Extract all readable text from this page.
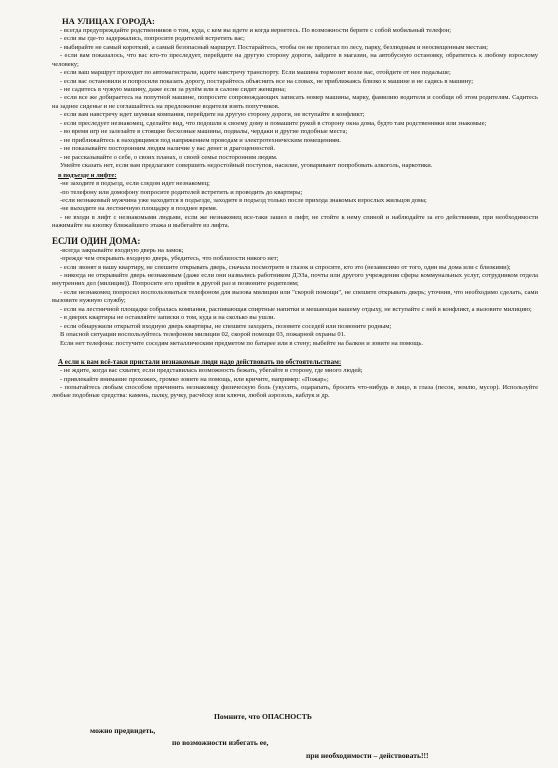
НА УЛИЦАХ ГОРОДА:

- всегда предупреждайте родственников о том, куда, с кем вы идете и когда вернетесь. По возможности берите с собой мобильный телефон;

- если вы где-то задержались, попросите родителей встретить вас;

- выбирайте не самый короткий, а самый безопасный маршрут. Постарайтесь, чтобы он не пролегал по лесу, парку, безлюдным и неосвещенным местам;

- если вам показалось, что вас кто-то преследует, перейдите на другую сторону дороги, зайдите в магазин, на автобусную остановку, обратитесь к любому взрослому человеку;

- если ваш маршрут проходит по автомагистрали, идите навстречу транспорту. Если машина тормозит возле вас, отойдите от нее подальше;

- если вас остановили и попросили показать дорогу, постарайтесь объяснить все на словах, не приближаясь близко к машине и не садясь в машину;

- не садитесь в чужую машину, даже если за рулём или в салоне сидит женщина;

- если все же добираетесь на попутной машине, попросите сопровождающих записать номер машины, марку, фамилию водителя и сообщи об этом родителям. Садитесь на заднее сиденье и не соглашайтесь на предложение водителя взять попутчиков.

- если вам навстречу идет шумная компания, перейдите на другую сторону дороги, не вступайте в конфликт;

- если преследует незнакомец, сделайте вид, что подошли к своему дому и помашите рукой в сторону окна дома, будто там родственники или знакомые;

- во время игр не залезайте в стоящие бесхозные машины, подвалы, чердаки и другие подобные места;

- не приближайтесь к находящимся под напряжением проводам и электротехническим помещениям.

- не показывайте посторонним людям наличие у вас денег и драгоценностей.

- не рассказывайте о себе, о своих планах, о своей семье посторонним людям.

Умейте сказать нет, если вам предлагают совершить недостойный поступок, насилие, уговаривают попробовать алкоголь, наркотики.

в подъезде и лифте:

-не заходите в подъезд, если следом идет незнакомец;

-по телефону или домофону попросите родителей встретить и проводить до квартиры;

-если незнакомый мужчина уже находится в подъезде, заходите в подъезд только после прихода знакомых взрослых жильцов дома;

-не выходите на лестничную площадку в позднее время.

- не входи в лифт с незнакомыми людьми, если же незнакомец все-таки зашел в лифт, не стойте к нему спиной и наблюдайте за его действиями, при необходимости нажимайте на кнопку ближайшего этажа и выбегайте из лифта.

ЕСЛИ ОДИН ДОМА:

-всегда закрывайте входную дверь на замок;

-прежде чем открывать входную дверь, убедитесь, что поблизости никого нет;

- если звонят в вашу квартиру, не спешите открывать дверь, сначала посмотрите в глазок и спросите, кто это (независимо от того, один вы дома или с близкими);

- никогда не открывайте дверь незнакомым (даже если они назвались работником ДЭЗа, почты или другого учреждения сферы коммунальных услуг, сотрудником отдела внутренних дел (милиции)). Попросите его прийти в другой раз и позвоните родителям;

- если незнакомец попросил воспользоваться телефоном для вызова милиции или "скорой помощи", не спешите открывать дверь; уточнив, что необходимо сделать, сами вызовите нужную службу;

- если на лестничной площадке собралась компания, распивающая спиртные напитки и мешающая вашему отдыху, не вступайте с ней в конфликт, а вызовите милицию;

- в дверях квартиры не оставляйте записки о том, куда и на сколько вы ушли.

- если обнаружили открытой входную дверь квартиры, не спешите заходить, позовите соседей или позвоните родным;

В опасной ситуации воспользуйтесь телефоном милиции 02, скорой помощи 03, пожарной охраны 01.

Если нет телефона: постучите соседям металлическим предметом по батарее или в стену; выбейте на балкон и зовите на помощь.

А если к вам всё-таки пристали незнакомые люди надо действовать по обстоятельствам:

- не ждите, когда вас схватят, если представилась возможность бежать, убегайте в сторону, где много людей;

- привлекайте внимание прохожих, громко зовите на помощь, или кричите, например: «Пожар»;

- попытайтесь любым способом причинить незнакомцу физическую боль (укусить, оцарапать, бросить что-нибудь в лицо, в глаза (песок, землю, мусор). Используйте любые подобные средства: камень, палку, ручку, расчёску или ключи, любой аэрозоль, каблук и др.

Помните, что ОПАСНОСТЬ
можно предвидеть,
по возможности избегать ее,
при необходимости – действовать!!!
